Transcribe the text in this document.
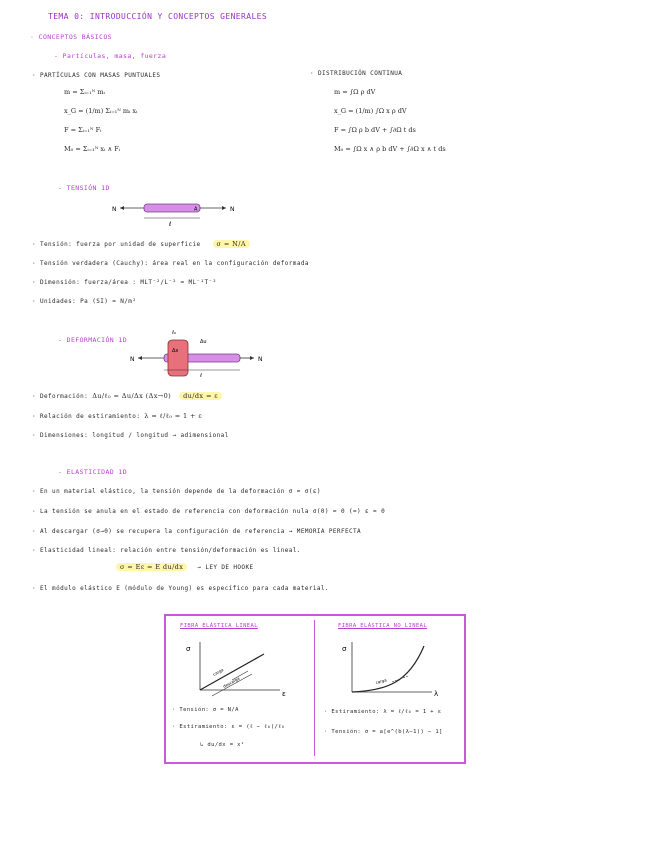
TEMA 0: INTRODUCCIÓN Y CONCEPTOS GENERALES
· CONCEPTOS BÁSICOS
- Partículas, masa, fuerza
· PARTÍCULAS CON MASAS PUNTUALES
m = Σᵢ₌₁ᴺ mᵢ
x_G = (1/m) Σᵢ₌₁ᴺ mᵢ xᵢ
F = Σᵢ₌₁ᴺ Fᵢ
M₀ = Σᵢ₌₁ᴺ xᵢ ∧ Fᵢ
· DISTRIBUCIÓN CONTINUA
m = ∫Ω ρ dV
x_G = (1/m) ∫Ω x ρ dV
F = ∫Ω ρ b dV + ∫∂Ω t ds
M₀ = ∫Ω x ∧ ρ b dV + ∫∂Ω x ∧ t ds
- TENSIÓN 1D
N	A	N
ℓ
· Tensión: fuerza por unidad de superficie σ = N/A
· Tensión verdadera (Cauchy): área real en la configuración deformada
· Dimensión: fuerza/área : MLT⁻²/L⁻² = ML⁻¹T⁻²
· Unidades: Pa (SI) = N/m²
- DEFORMACIÓN 1D
ℓ₀
Δu
N
Δx
N
ℓ
· Deformación: Δu/ℓ₀ = Δu/Δx (Δx→0) du/dx = ε
· Relación de estiramiento: λ = ℓ/ℓ₀ = 1 + ε
· Dimensiones: longitud / longitud → adimensional
- ELASTICIDAD 1D
· En un material elástico, la tensión depende de la deformación σ = σ(ε)
· La tensión se anula en el estado de referencia con deformación nula σ(0) = 0 (=) ε = 0
· Al descargar (σ→0) se recupera la configuración de referencia → MEMORIA PERFECTA
· Elasticidad lineal: relación entre tensión/deformación es lineal.
σ = Eε = E du/dx → LEY DE HOOKE
· El módulo elástico E (módulo de Young) es específico para cada material.
FIBRA ELÁSTICA LINEAL
σ
ε
carga
descarga
· Tensión: σ = N/A
· Estiramiento: ε = (ℓ − ℓ₀)/ℓ₀
↳ du/dx = x¹
FIBRA ELÁSTICA NO LINEAL
σ
λ
carga
· Estiramiento: λ = ℓ/ℓ₀ = 1 + ε
· Tensión: σ = a[e^(b(λ−1)) − 1]
